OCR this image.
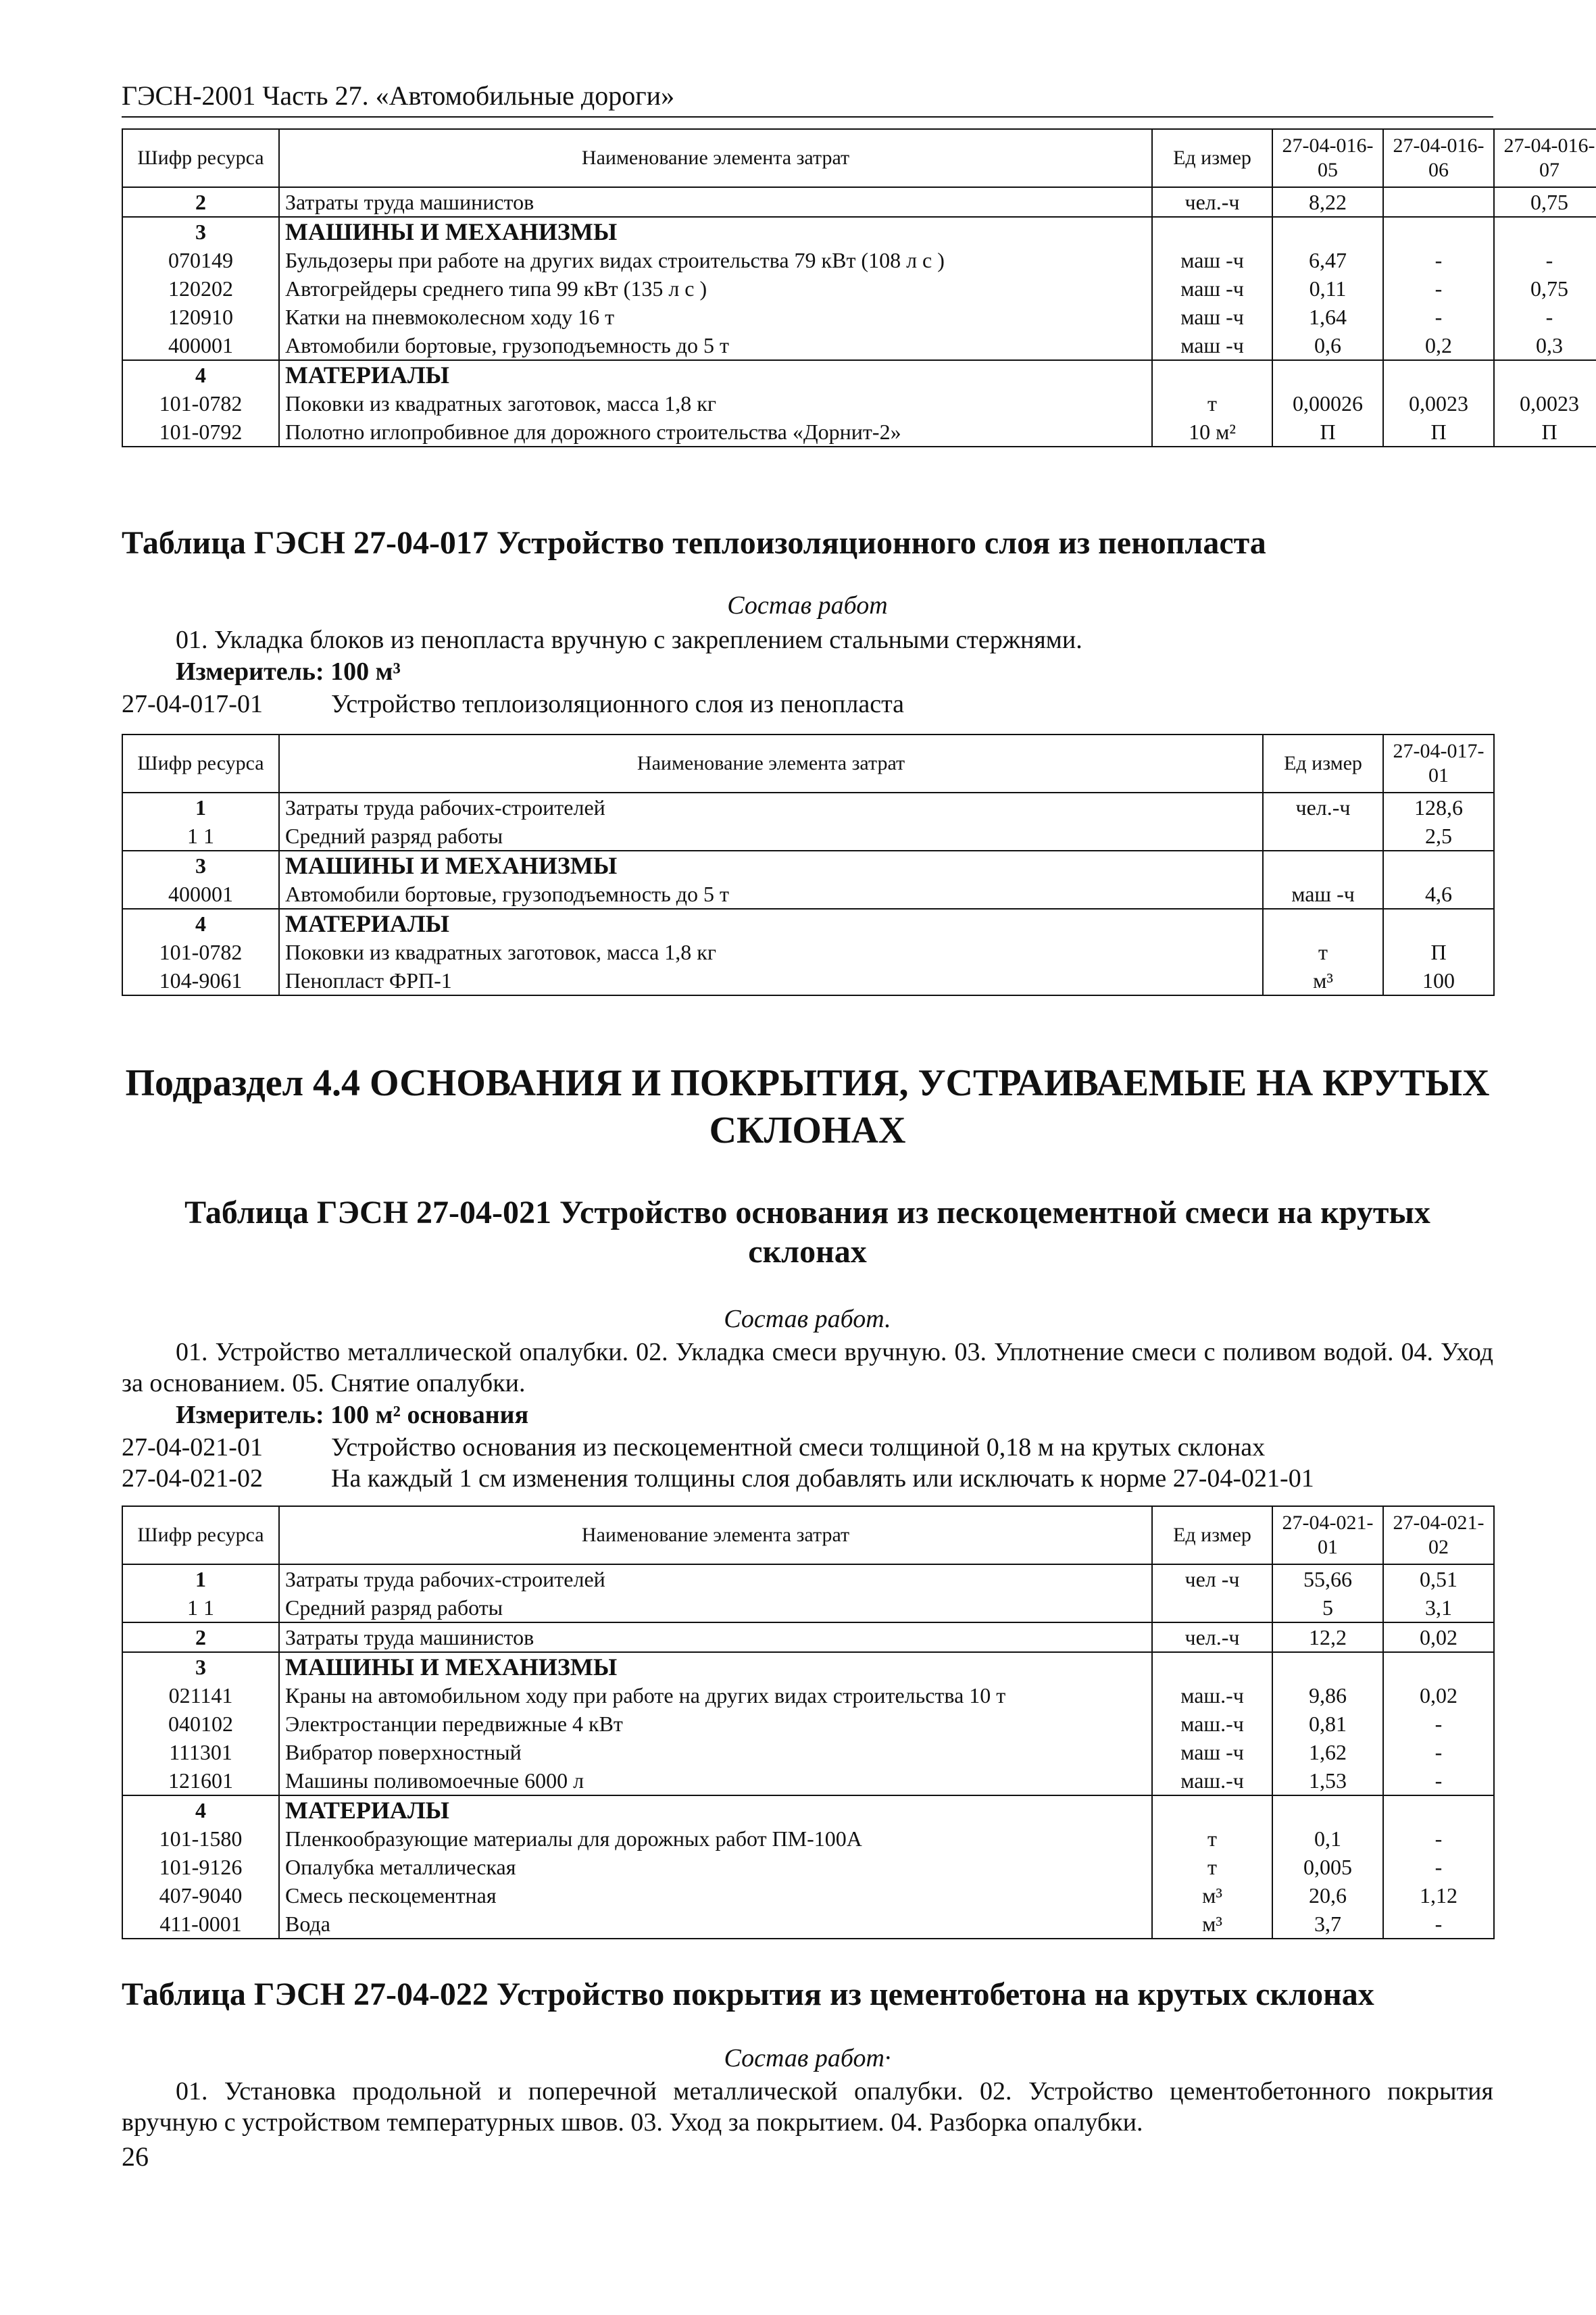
ГЭСН-2001 Часть 27. «Автомобильные дороги»
Шифр ресурса	Наименование элемента затрат	Ед измер	27-04-016-05	27-04-016-06	27-04-016-07
2	Затраты труда машинистов	чел.-ч	8,22		0,75
3	МАШИНЫ И МЕХАНИЗМЫ				
070149	Бульдозеры при работе на других видах строительства 79 кВт (108 л с )	маш -ч	6,47	-	-
120202	Автогрейдеры среднего типа 99 кВт (135 л с )	маш -ч	0,11	-	0,75
120910	Катки на пневмоколесном ходу 16 т	маш -ч	1,64	-	-
400001	Автомобили бортовые, грузоподъемность до 5 т	маш -ч	0,6	0,2	0,3
4	МАТЕРИАЛЫ				
101-0782	Поковки из квадратных заготовок, масса 1,8 кг	т	0,00026	0,0023	0,0023
101-0792	Полотно иглопробивное для дорожного строительства «Дорнит-2»	10 м²	П	П	П
Таблица ГЭСН 27-04-017 Устройство теплоизоляционного слоя из пенопласта
Состав работ
01. Укладка блоков из пенопласта вручную с закреплением стальными стержнями.
Измеритель: 100 м³
27-04-017-01	Устройство теплоизоляционного слоя из пенопласта
Шифр ресурса	Наименование элемента затрат	Ед измер	27-04-017-01
1	Затраты труда рабочих-строителей	чел.-ч	128,6
1 1	Средний разряд работы		2,5
3	МАШИНЫ И МЕХАНИЗМЫ		
400001	Автомобили бортовые, грузоподъемность до 5 т	маш -ч	4,6
4	МАТЕРИАЛЫ		
101-0782	Поковки из квадратных заготовок, масса 1,8 кг	т	П
104-9061	Пенопласт ФРП-1	м³	100
Подраздел 4.4 ОСНОВАНИЯ И ПОКРЫТИЯ, УСТРАИВАЕМЫЕ НА КРУТЫХ СКЛОНАХ
Таблица ГЭСН 27-04-021 Устройство основания из пескоцементной смеси на крутых склонах
Состав работ.
01. Устройство металлической опалубки. 02. Укладка смеси вручную. 03. Уплотнение смеси с поливом водой. 04. Уход за основанием. 05. Снятие опалубки.
Измеритель: 100 м² основания
27-04-021-01	Устройство основания из пескоцементной смеси толщиной 0,18 м на крутых склонах
27-04-021-02	На каждый 1 см изменения толщины слоя добавлять или исключать к норме 27-04-021-01
Шифр ресурса	Наименование элемента затрат	Ед измер	27-04-021-01	27-04-021-02
1	Затраты труда рабочих-строителей	чел -ч	55,66	0,51
1 1	Средний разряд работы		5	3,1
2	Затраты труда машинистов	чел.-ч	12,2	0,02
3	МАШИНЫ И МЕХАНИЗМЫ			
021141	Краны на автомобильном ходу при работе на других видах строительства 10 т	маш.-ч	9,86	0,02
040102	Электростанции передвижные 4 кВт	маш.-ч	0,81	-
111301	Вибратор поверхностный	маш -ч	1,62	-
121601	Машины поливомоечные 6000 л	маш.-ч	1,53	-
4	МАТЕРИАЛЫ			
101-1580	Пленкообразующие материалы для дорожных работ ПМ-100А	т	0,1	-
101-9126	Опалубка металлическая	т	0,005	-
407-9040	Смесь пескоцементная	м³	20,6	1,12
411-0001	Вода	м³	3,7	-
Таблица ГЭСН 27-04-022 Устройство покрытия из цементобетона на крутых склонах
Состав работ·
01. Установка продольной и поперечной металлической опалубки. 02. Устройство цементобетонного покрытия вручную с устройством температурных швов. 03. Уход за покрытием. 04. Разборка опалубки.
26
